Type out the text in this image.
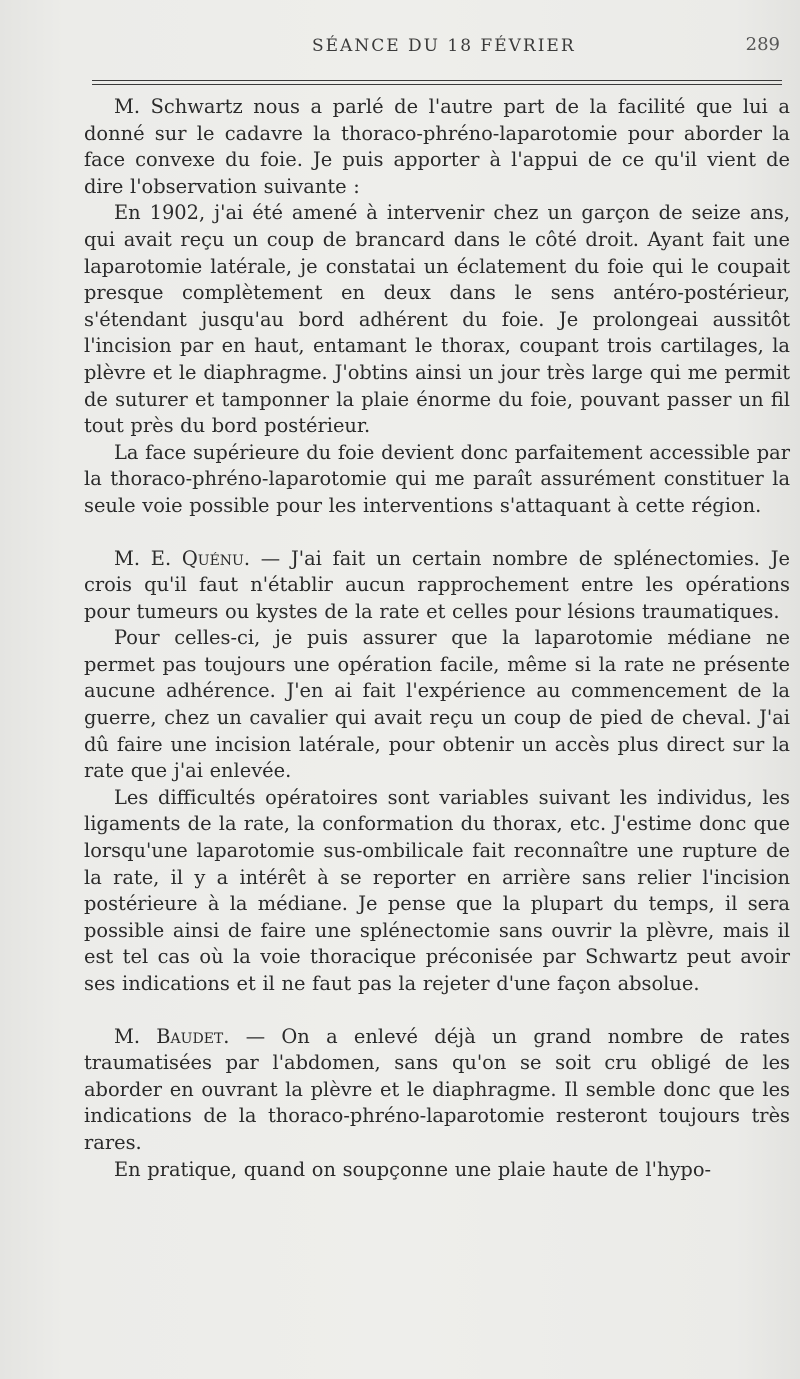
SÉANCE DU 18 FÉVRIER	289

M. Schwartz nous a parlé de l'autre part de la facilité que lui a donné sur le cadavre la thoraco-phréno-laparotomie pour aborder la face convexe du foie. Je puis apporter à l'appui de ce qu'il vient de dire l'observation suivante :

En 1902, j'ai été amené à intervenir chez un garçon de seize ans, qui avait reçu un coup de brancard dans le côté droit. Ayant fait une laparotomie latérale, je constatai un éclatement du foie qui le coupait presque complètement en deux dans le sens antéro-postérieur, s'étendant jusqu'au bord adhérent du foie. Je prolongeai aussitôt l'incision par en haut, entamant le thorax, coupant trois cartilages, la plèvre et le diaphragme. J'obtins ainsi un jour très large qui me permit de suturer et tamponner la plaie énorme du foie, pouvant passer un fil tout près du bord postérieur.

La face supérieure du foie devient donc parfaitement accessible par la thoraco-phréno-laparotomie qui me paraît assurément constituer la seule voie possible pour les interventions s'attaquant à cette région.

M. E. Quénu. — J'ai fait un certain nombre de splénectomies. Je crois qu'il faut n'établir aucun rapprochement entre les opérations pour tumeurs ou kystes de la rate et celles pour lésions traumatiques.

Pour celles-ci, je puis assurer que la laparotomie médiane ne permet pas toujours une opération facile, même si la rate ne présente aucune adhérence. J'en ai fait l'expérience au commencement de la guerre, chez un cavalier qui avait reçu un coup de pied de cheval. J'ai dû faire une incision latérale, pour obtenir un accès plus direct sur la rate que j'ai enlevée.

Les difficultés opératoires sont variables suivant les individus, les ligaments de la rate, la conformation du thorax, etc. J'estime donc que lorsqu'une laparotomie sus-ombilicale fait reconnaître une rupture de la rate, il y a intérêt à se reporter en arrière sans relier l'incision postérieure à la médiane. Je pense que la plupart du temps, il sera possible ainsi de faire une splénectomie sans ouvrir la plèvre, mais il est tel cas où la voie thoracique préconisée par Schwartz peut avoir ses indications et il ne faut pas la rejeter d'une façon absolue.

M. Baudet. — On a enlevé déjà un grand nombre de rates traumatisées par l'abdomen, sans qu'on se soit cru obligé de les aborder en ouvrant la plèvre et le diaphragme. Il semble donc que les indications de la thoraco-phréno-laparotomie resteront toujours très rares.

En pratique, quand on soupçonne une plaie haute de l'hypo-
